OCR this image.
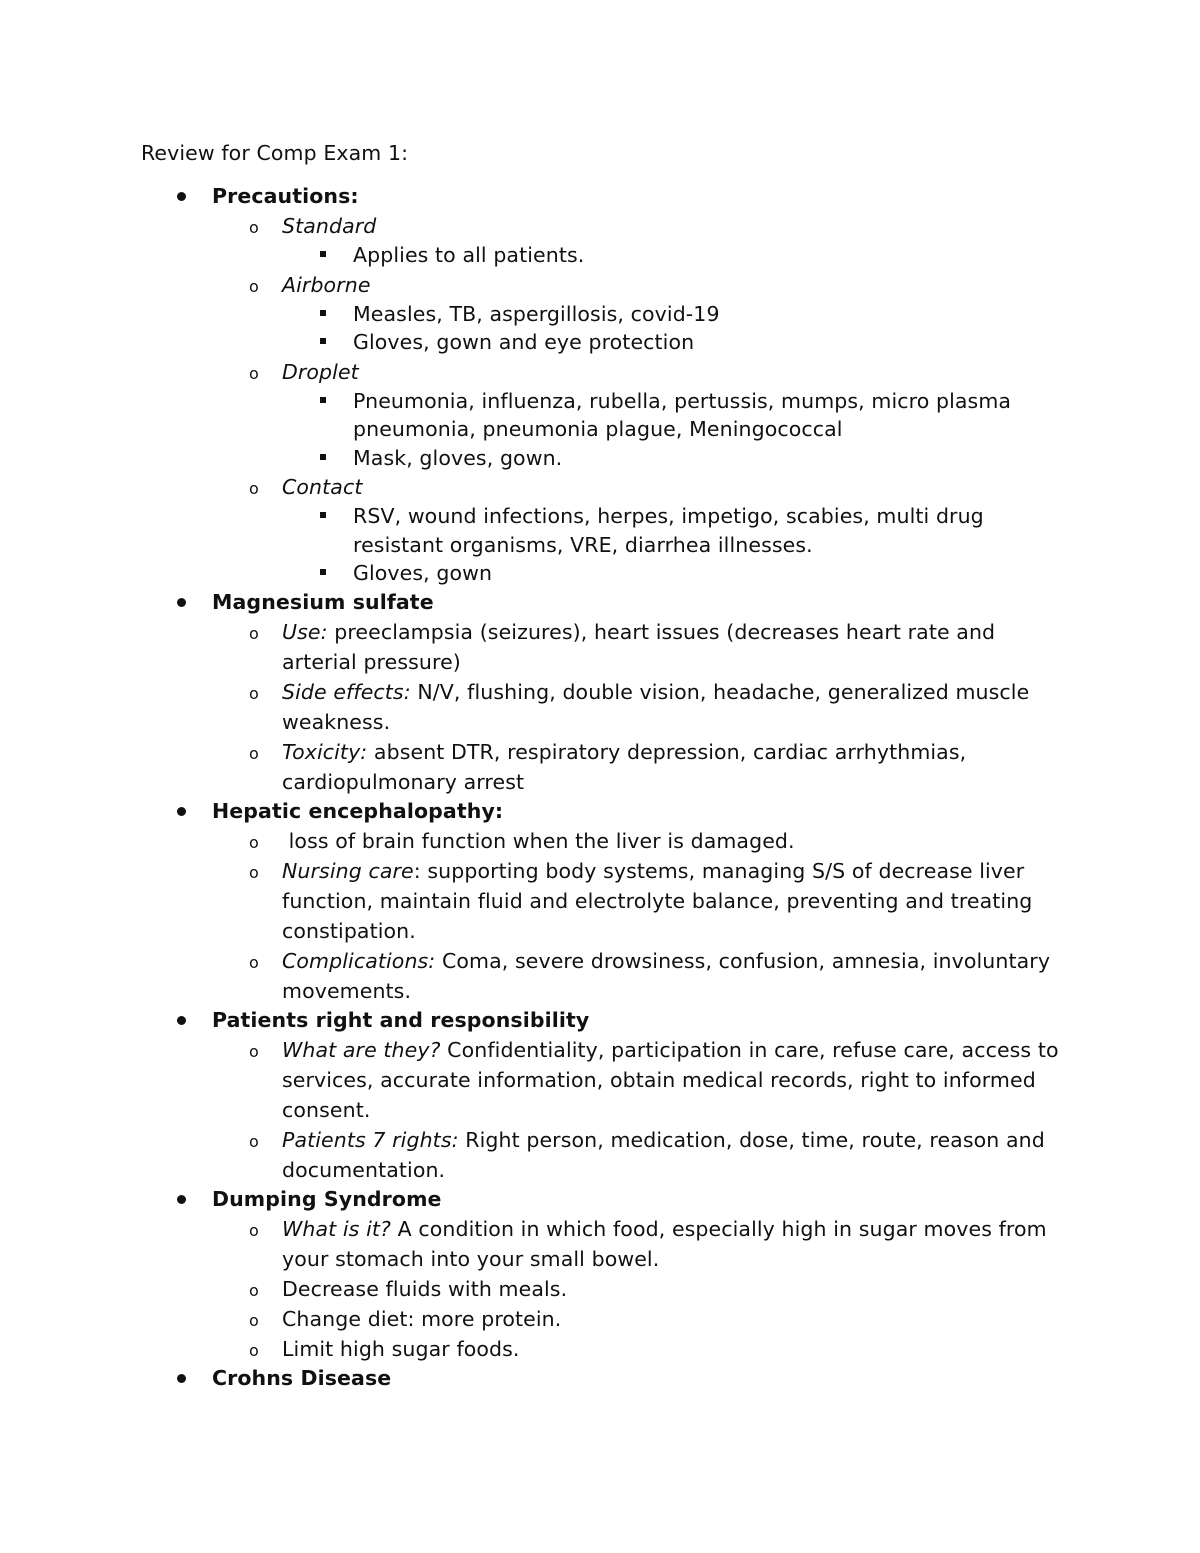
Review for Comp Exam 1:
Precautions:
o Standard
Applies to all patients.
o Airborne
Measles, TB, aspergillosis, covid-19
Gloves, gown and eye protection
o Droplet
Pneumonia, influenza, rubella, pertussis, mumps, micro plasma pneumonia, pneumonia plague, Meningococcal
Mask, gloves, gown.
o Contact
RSV, wound infections, herpes, impetigo, scabies, multi drug resistant organisms, VRE, diarrhea illnesses.
Gloves, gown
Magnesium sulfate
o Use: preeclampsia (seizures), heart issues (decreases heart rate and arterial pressure)
o Side effects: N/V, flushing, double vision, headache, generalized muscle weakness.
o Toxicity: absent DTR, respiratory depression, cardiac arrhythmias, cardiopulmonary arrest
Hepatic encephalopathy:
o  loss of brain function when the liver is damaged.
o Nursing care: supporting body systems, managing S/S of decrease liver function, maintain fluid and electrolyte balance, preventing and treating constipation.
o Complications: Coma, severe drowsiness, confusion, amnesia, involuntary movements.
Patients right and responsibility
o What are they? Confidentiality, participation in care, refuse care, access to services, accurate information, obtain medical records, right to informed consent.
o Patients 7 rights: Right person, medication, dose, time, route, reason and documentation.
Dumping Syndrome
o What is it? A condition in which food, especially high in sugar moves from your stomach into your small bowel.
o Decrease fluids with meals.
o Change diet: more protein.
o Limit high sugar foods.
Crohns Disease
